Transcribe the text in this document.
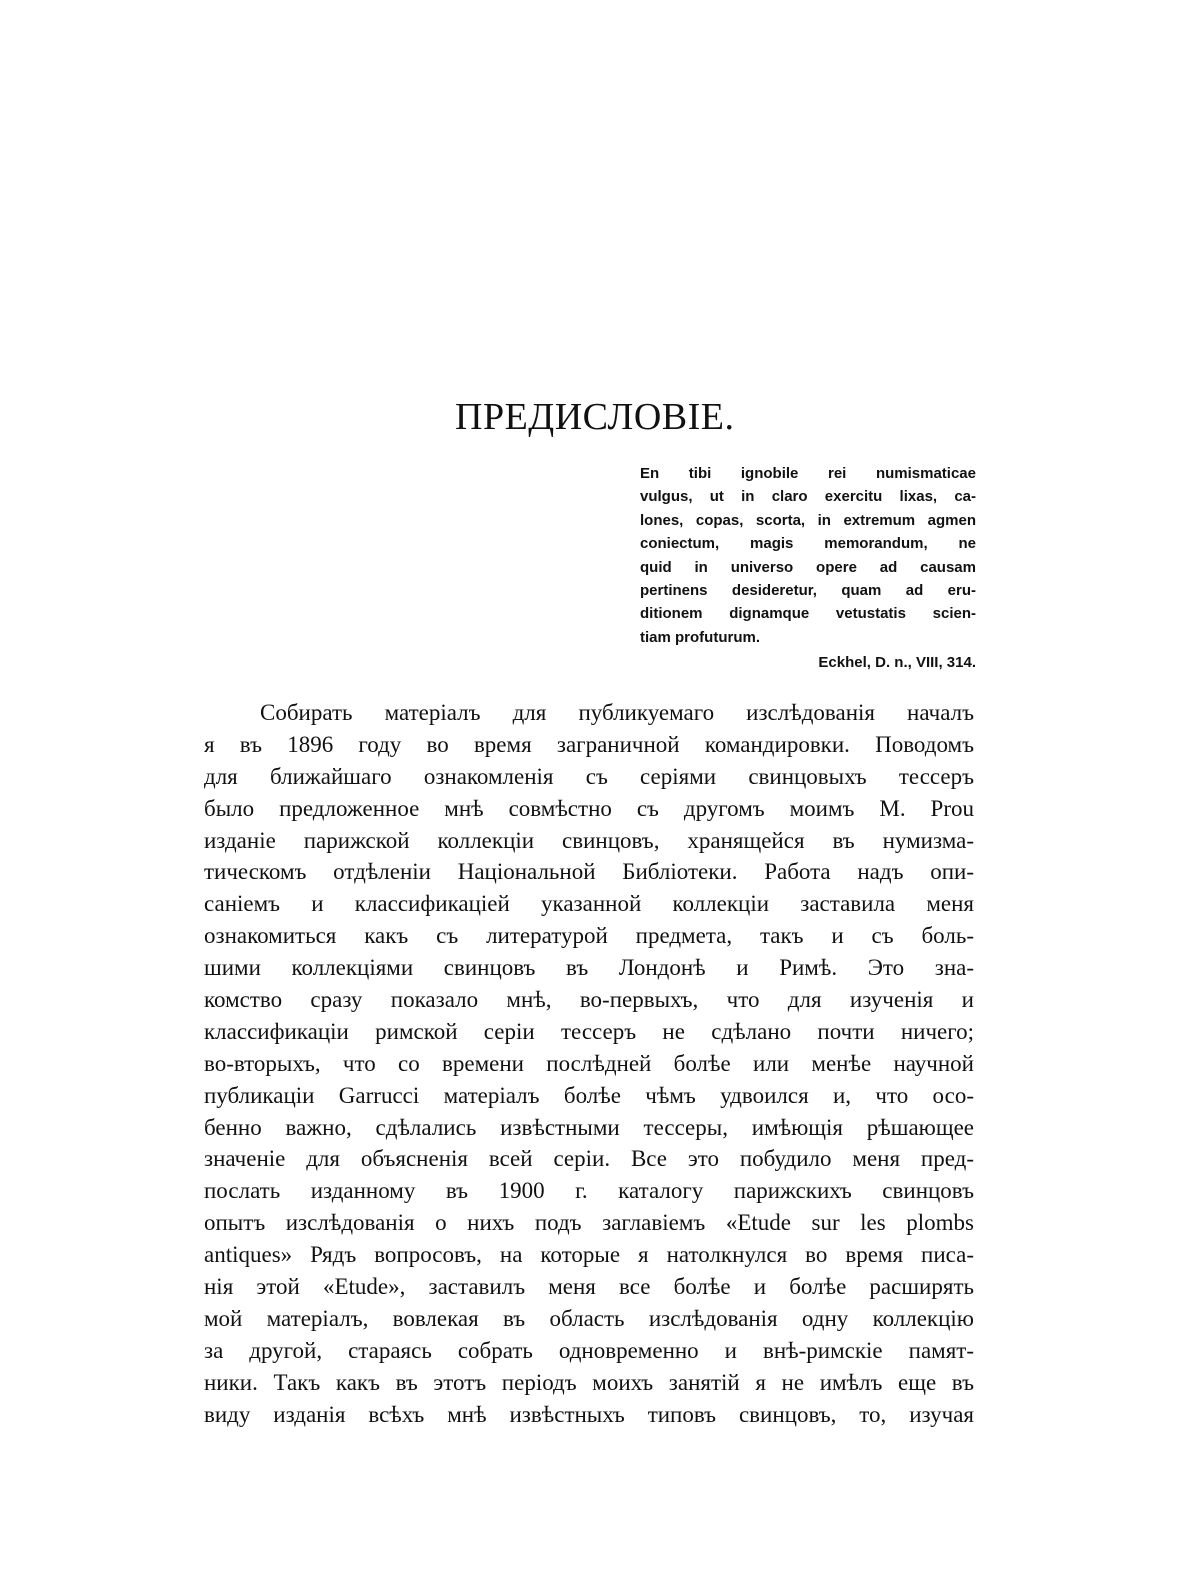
ПРЕДИСЛОВІЕ.
En tibi ignobile rei numismaticae
vulgus, ut in claro exercitu lixas, ca-
lones, copas, scorta, in extremum agmen
coniectum, magis memorandum, ne
quid in universo opere ad causam
pertinens desideretur, quam ad eru-
ditionem dignamque vetustatis scien-
tiam profuturum.
Eckhel, D. n., VIII, 314.
Собирать матеріалъ для публикуемаго изслѣдованія началъ
я въ 1896 году во время заграничной командировки. Поводомъ
для ближайшаго ознакомленія съ серіями свинцовыхъ тессеръ
было предложенное мнѣ совмѣстно съ другомъ моимъ M. Prou
изданіе парижской коллекціи свинцовъ, хранящейся въ нумизма-
тическомъ отдѣленіи Національной Библіотеки. Работа надъ опи-
саніемъ и классификаціей указанной коллекціи заставила меня
ознакомиться какъ съ литературой предмета, такъ и съ боль-
шими коллекціями свинцовъ въ Лондонѣ и Римѣ. Это зна-
комство сразу показало мнѣ, во-первыхъ, что для изученія и
классификаціи римской серіи тессеръ не сдѣлано почти ничего;
во-вторыхъ, что со времени послѣдней болѣе или менѣе научной
публикаціи Garrucci матеріалъ болѣе чѣмъ удвоился и, что осо-
бенно важно, сдѣлались извѣстными тессеры, имѣющія рѣшающее
значеніе для объясненія всей серіи. Все это побудило меня пред-
послать изданному въ 1900 г. каталогу парижскихъ свинцовъ
опытъ изслѣдованія о нихъ подъ заглавіемъ «Etude sur les plombs
antiques» Рядъ вопросовъ, на которые я натолкнулся во время писа-
нія этой «Etude», заставилъ меня все болѣе и болѣе расширять
мой матеріалъ, вовлекая въ область изслѣдованія одну коллекцію
за другой, стараясь собрать одновременно и внѣ-римскіе памят-
ники. Такъ какъ въ этотъ періодъ моихъ занятій я не имѣлъ еще въ
виду изданія всѣхъ мнѣ извѣстныхъ типовъ свинцовъ, то, изучая
